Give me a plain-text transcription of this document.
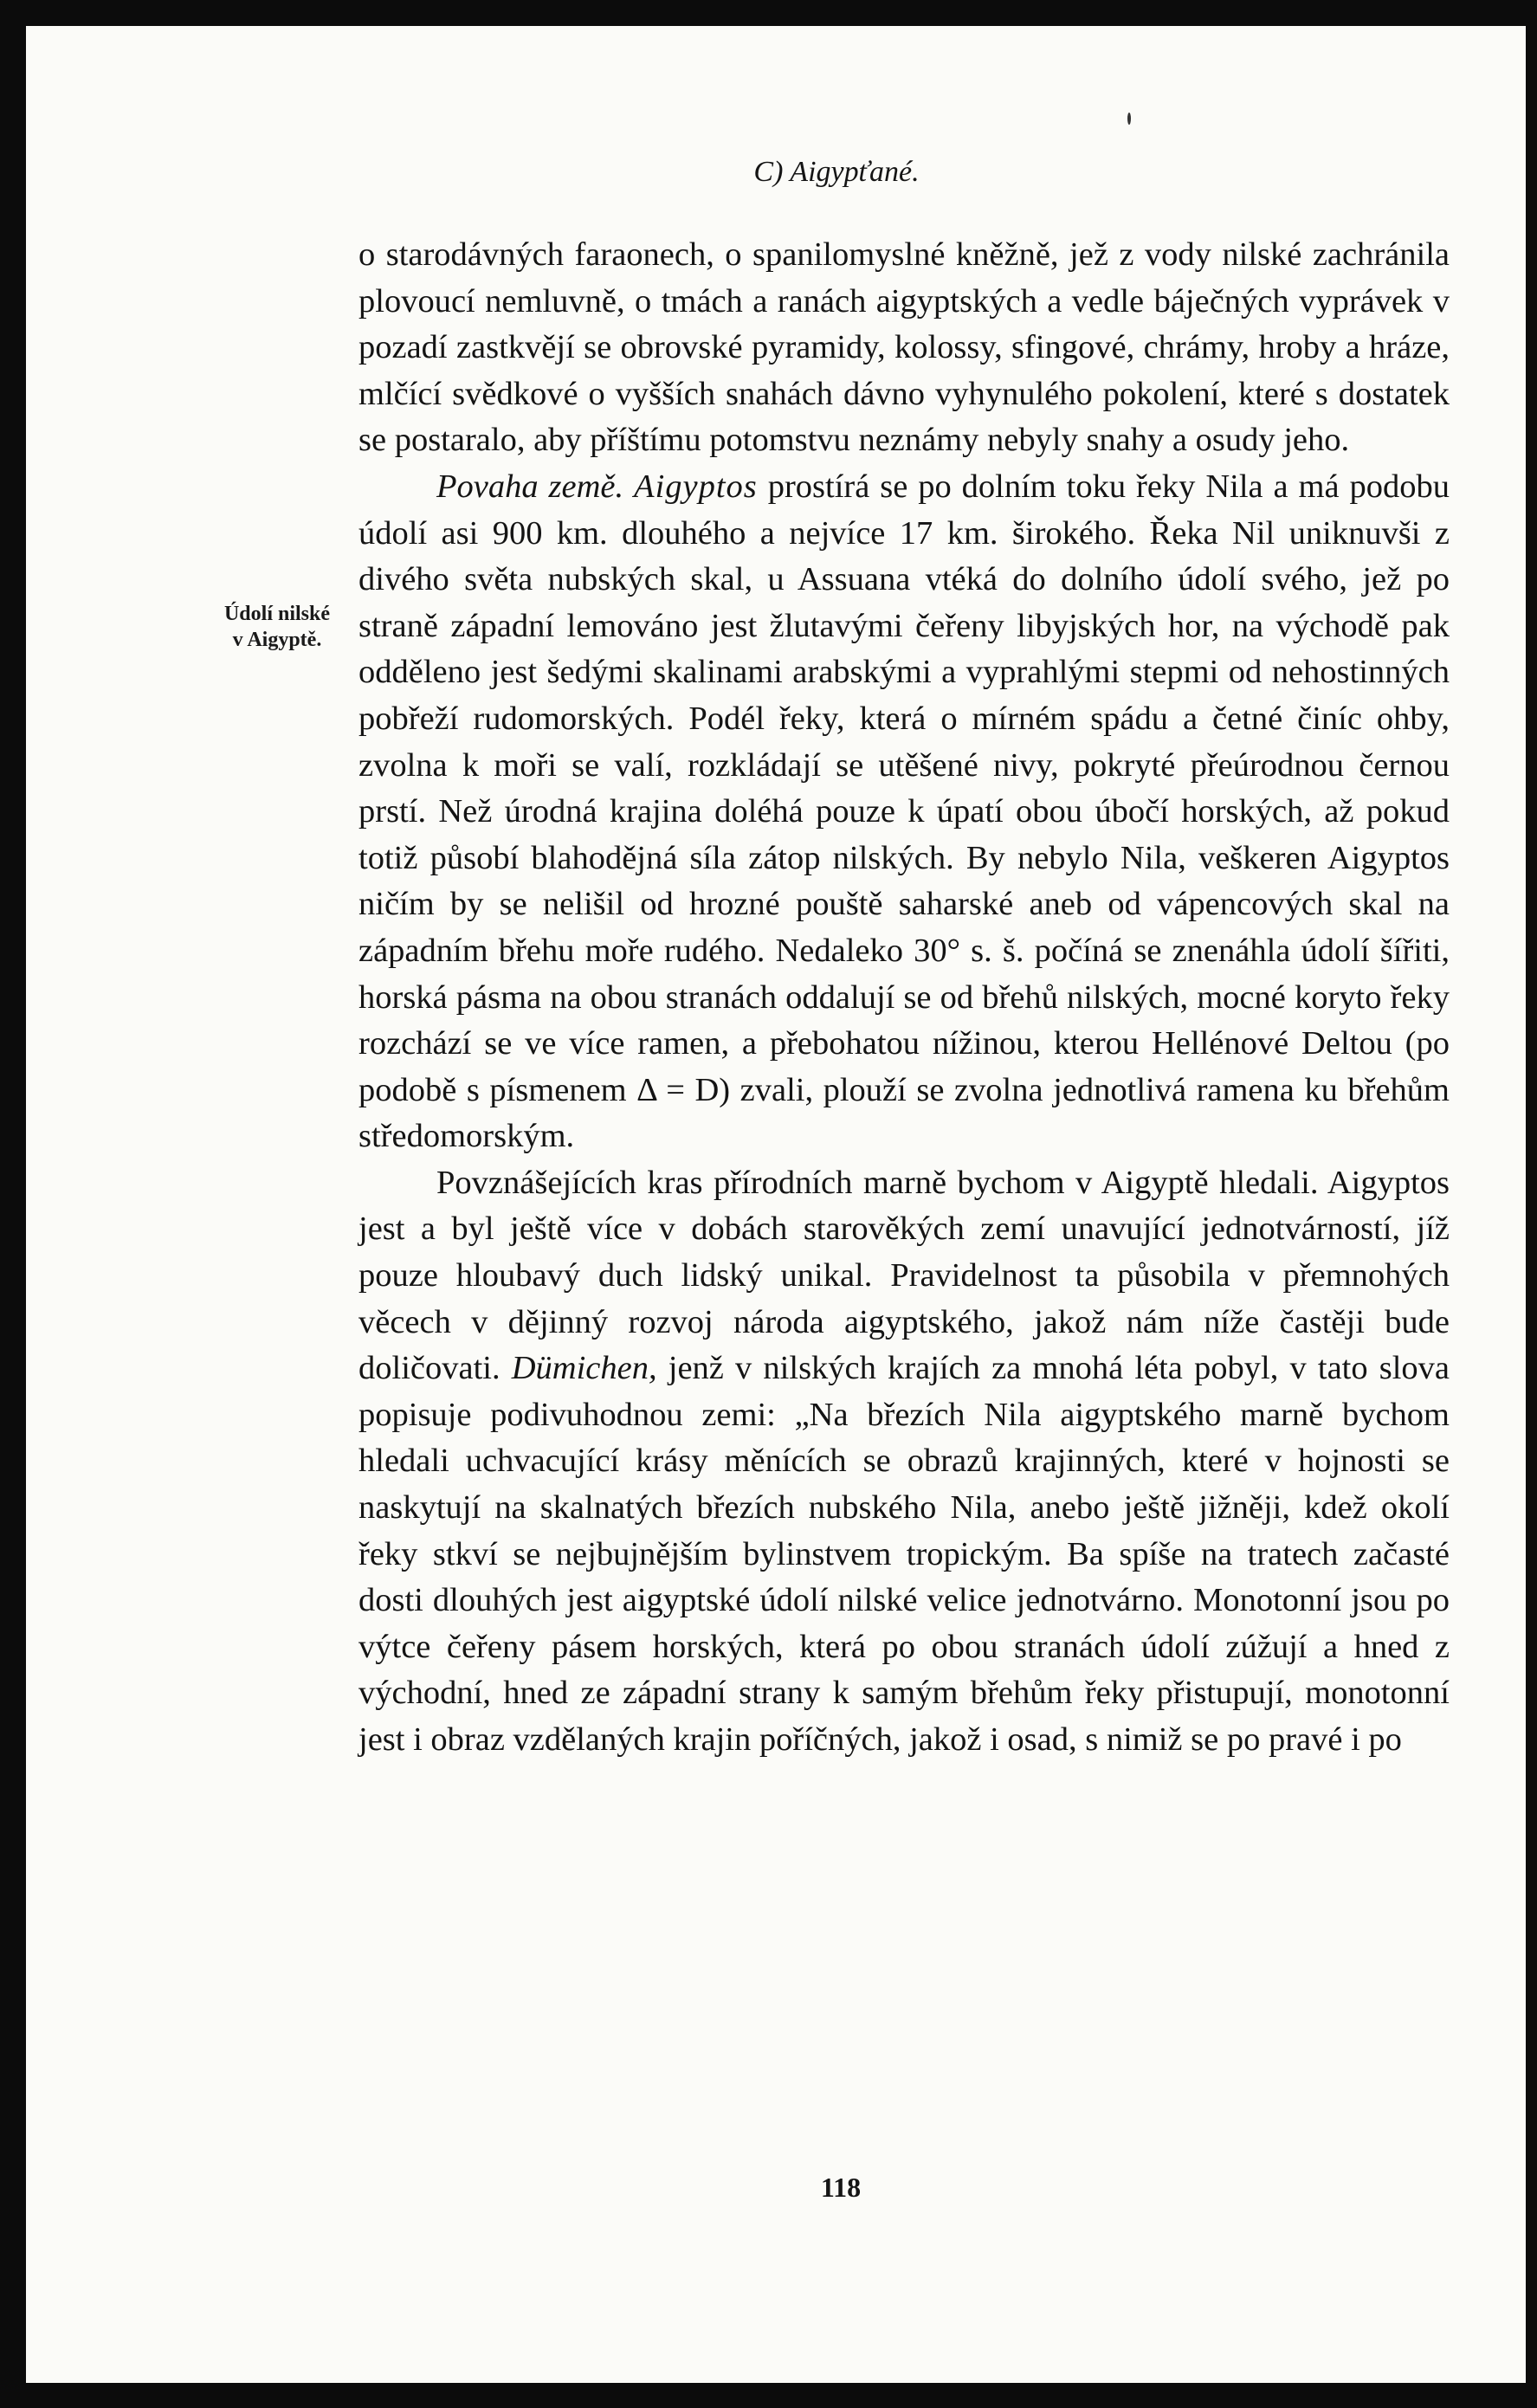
C) Aigypťané.
Údolí nilské
v Aigyptě.

o starodávných faraonech, o spanilomyslné kněžně, jež z vody nilské zachránila plovoucí nemluvně, o tmách a ranách aigyptských a vedle báječných vyprávek v pozadí zastkvějí se obrovské pyramidy, kolossy, sfingové, chrámy, hroby a hráze, mlčící svědkové o vyšších snahách dávno vyhynulého pokolení, které s dostatek se postaralo, aby příštímu potomstvu neznámy nebyly snahy a osudy jeho.

Povaha země. Aigyptos prostírá se po dolním toku řeky Nila a má podobu údolí asi 900 km. dlouhého a nejvíce 17 km. širokého. Řeka Nil uniknuvši z divého světa nubských skal, u Assuana vtéká do dolního údolí svého, jež po straně západní lemováno jest žlutavými čeřeny libyjských hor, na východě pak odděleno jest šedými skalinami arabskými a vyprahlými stepmi od nehostinných pobřeží rudomorských. Podél řeky, která o mírném spádu a četné činíc ohby, zvolna k moři se valí, rozkládají se utěšené nivy, pokryté přeúrodnou černou prstí. Než úrodná krajina doléhá pouze k úpatí obou úbočí horských, až pokud totiž působí blahodějná síla zátop nilských. By nebylo Nila, veškeren Aigyptos ničím by se nelišil od hrozné pouště saharské aneb od vápencových skal na západním břehu moře rudého. Nedaleko 30° s. š. počíná se znenáhla údolí šířiti, horská pásma na obou stranách oddalují se od břehů nilských, mocné koryto řeky rozchází se ve více ramen, a přebohatou nížinou, kterou Hellénové Deltou (po podobě s písmenem Δ = D) zvali, plouží se zvolna jednotlivá ramena ku břehům středomorským.

Povznášejících kras přírodních marně bychom v Aigyptě hledali. Aigyptos jest a byl ještě více v dobách starověkých zemí unavující jednotvárností, jíž pouze hloubavý duch lidský unikal. Pravidelnost ta působila v přemnohých věcech v dějinný rozvoj národa aigyptského, jakož nám níže častěji bude doličovati. Dümichen, jenž v nilských krajích za mnohá léta pobyl, v tato slova popisuje podivuhodnou zemi: „Na březích Nila aigyptského marně bychom hledali uchvacující krásy měnících se obrazů krajinných, které v hojnosti se naskytují na skalnatých březích nubského Nila, anebo ještě jižněji, kdež okolí řeky stkví se nejbujnějším bylinstvem tropickým. Ba spíše na tratech začasté dosti dlouhých jest aigyptské údolí nilské velice jednotvárno. Monotonní jsou po výtce čeřeny pásem horských, která po obou stranách údolí zúžují a hned z východní, hned ze západní strany k samým břehům řeky přistupují, monotonní jest i obraz vzdělaných krajin poříčných, jakož i osad, s nimiž se po pravé i po

118
